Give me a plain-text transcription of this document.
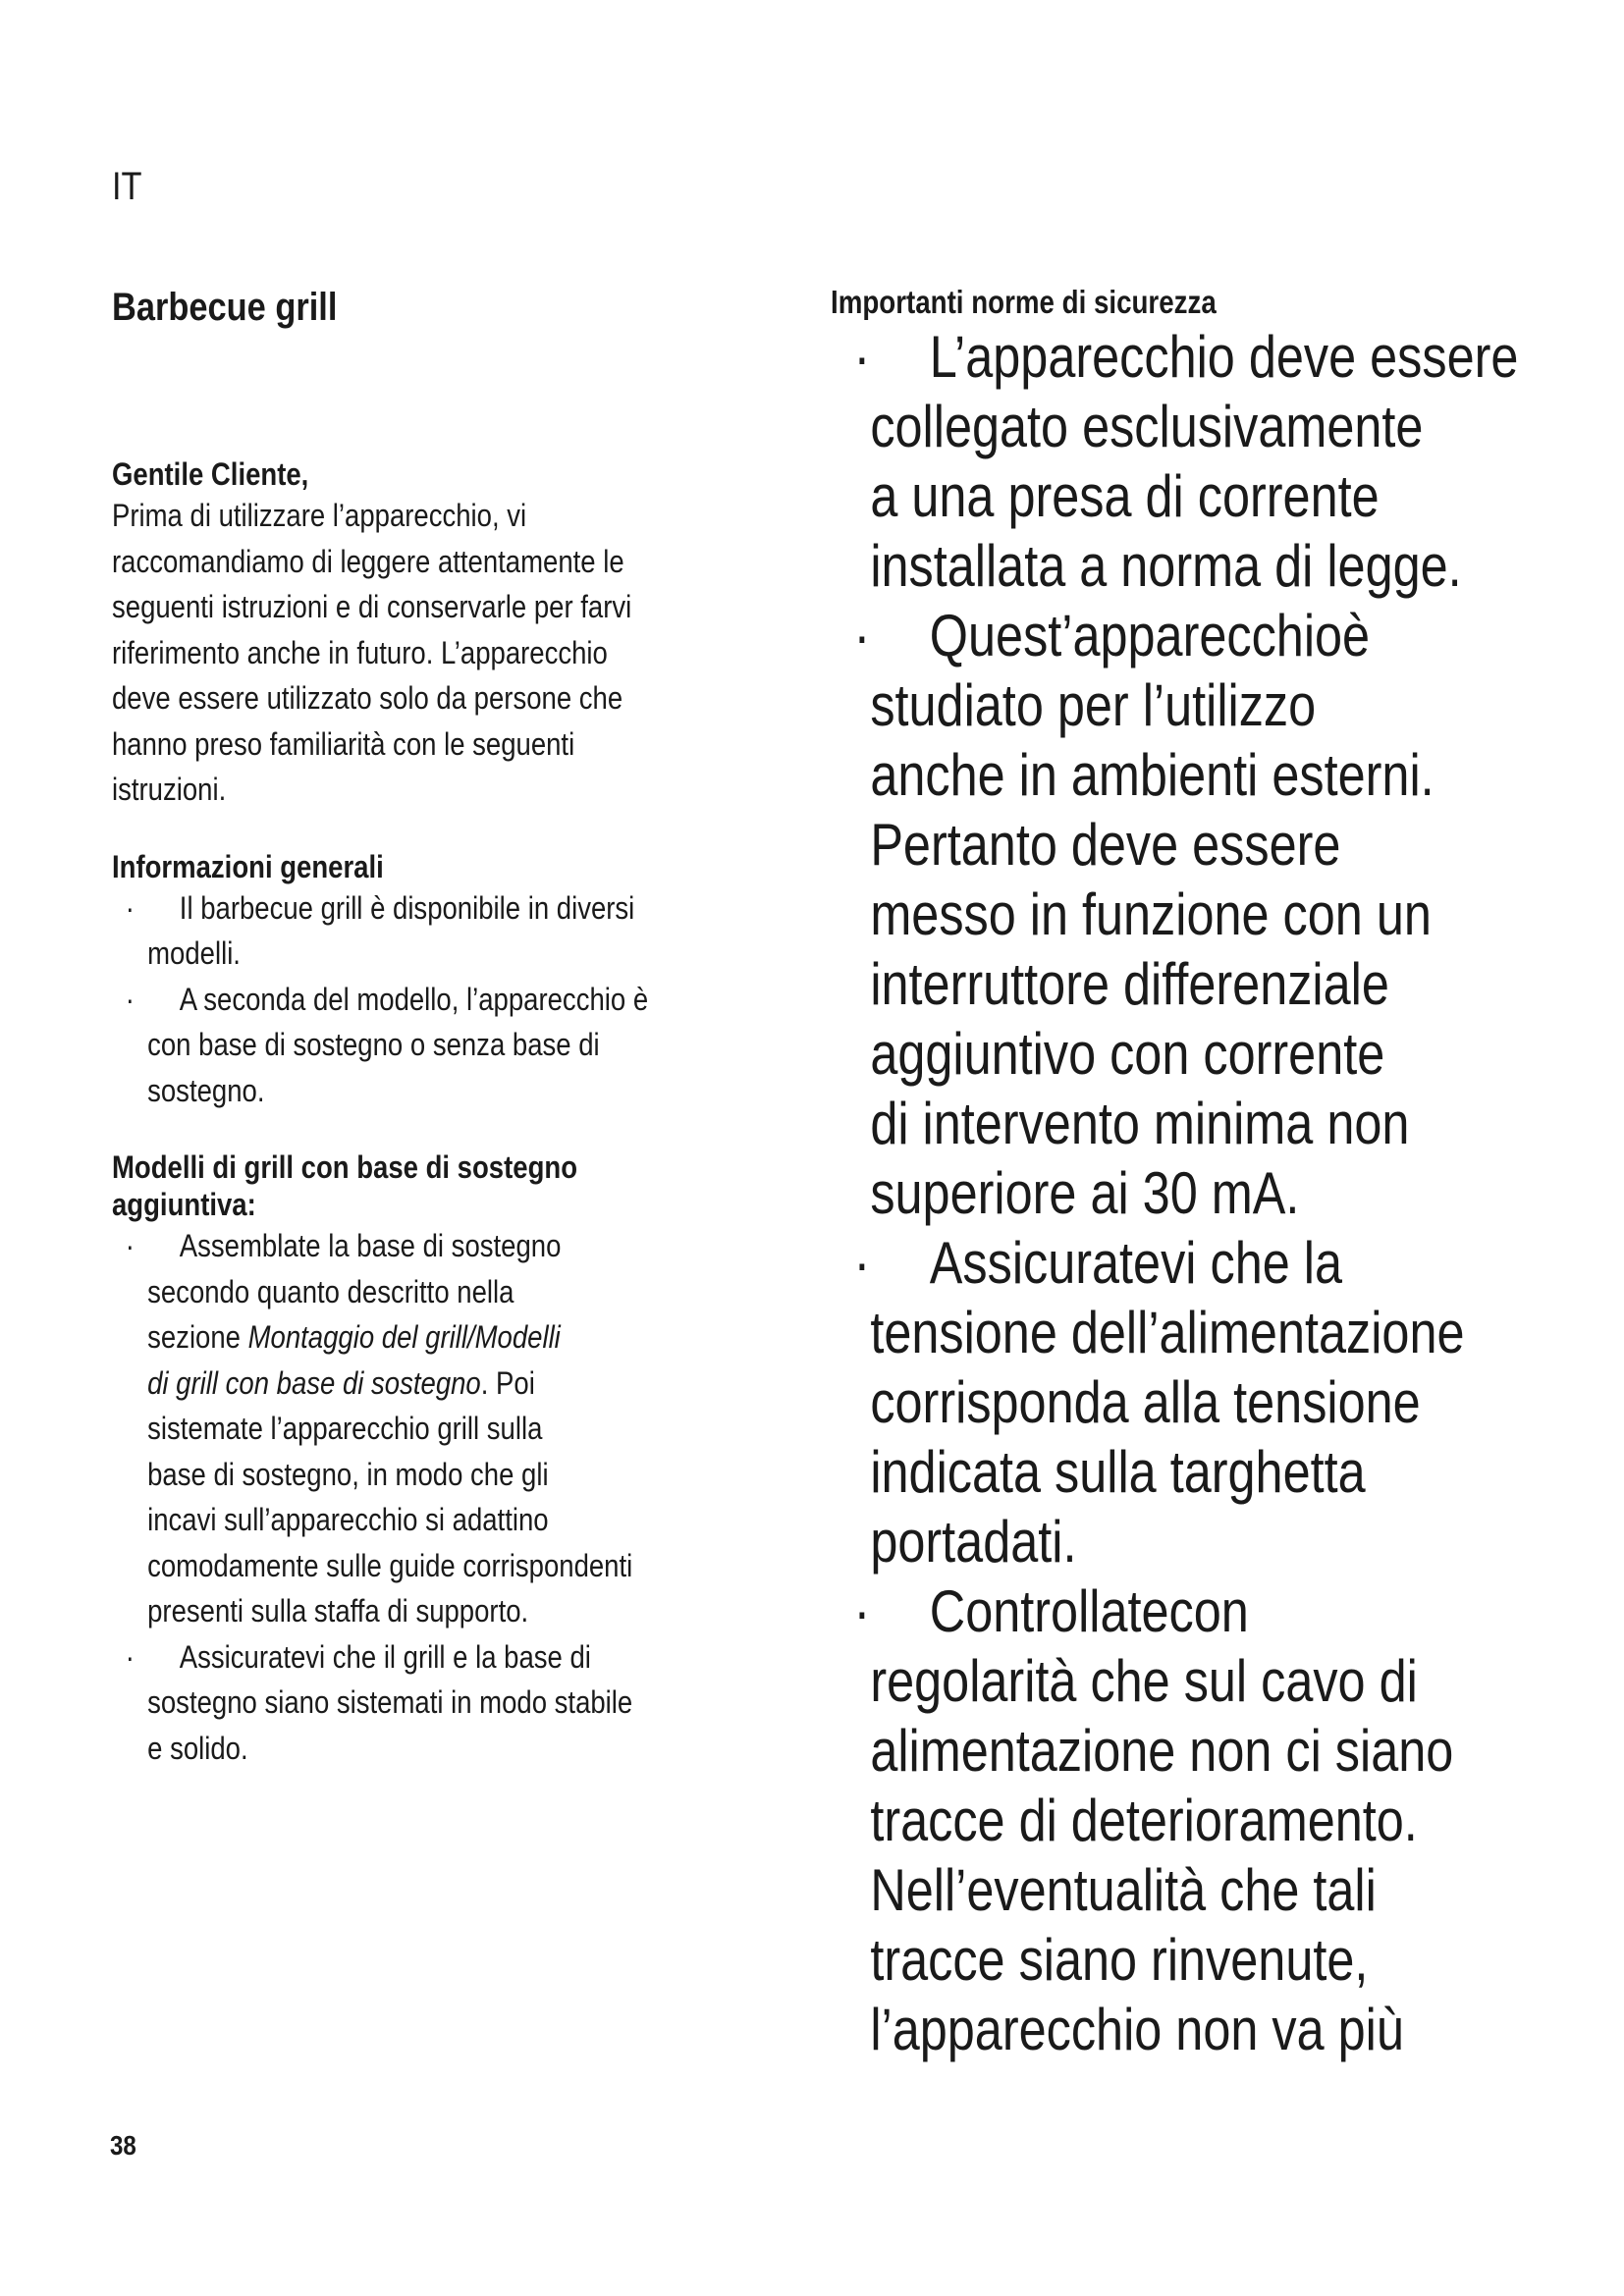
IT

Barbecue grill

Gentile Cliente,

Prima di utilizzare l’apparecchio, vi

raccomandiamo di leggere attentamente le

seguenti istruzioni e di conservarle per farvi

riferimento anche in futuro. L’apparecchio

deve essere utilizzato solo da persone che

hanno preso familiarità con le seguenti

istruzioni.

Informazioni generali

·	Il barbecue grill è disponibile in diversi
modelli.
·	A seconda del modello, l’apparecchio è
con base di sostegno o senza base di
sostegno.

Modelli di grill con base di sostegno

aggiuntiva:

·	Assemblate la base di sostegno
secondo quanto descritto nella
sezione Montaggio del grill/Modelli
di grill con base di sostegno. Poi
sistemate l’apparecchio grill sulla
base di sostegno, in modo che gli
incavi sull’apparecchio si adattino
comodamente sulle guide corrispondenti
presenti sulla staffa di supporto.
·	Assicuratevi che il grill e la base di
sostegno siano sistemati in modo stabile
e solido.

Importanti norme di sicurezza

·	L’apparecchio deve essere
collegato esclusivamente
a una presa di corrente
installata a norma di legge.
·	Quest’apparecchioè
studiato per l’utilizzo
anche in ambienti esterni.
Pertanto deve essere
messo in funzione con un
interruttore differenziale
aggiuntivo con corrente
di intervento minima non
superiore ai 30 mA.
·	Assicuratevi che la
tensione dell’alimentazione
corrisponda alla tensione
indicata sulla targhetta
portadati.
·	Controllatecon
regolarità che sul cavo di
alimentazione non ci siano
tracce di deterioramento.
Nell’eventualità che tali
tracce siano rinvenute,
l’apparecchio non va più
38
